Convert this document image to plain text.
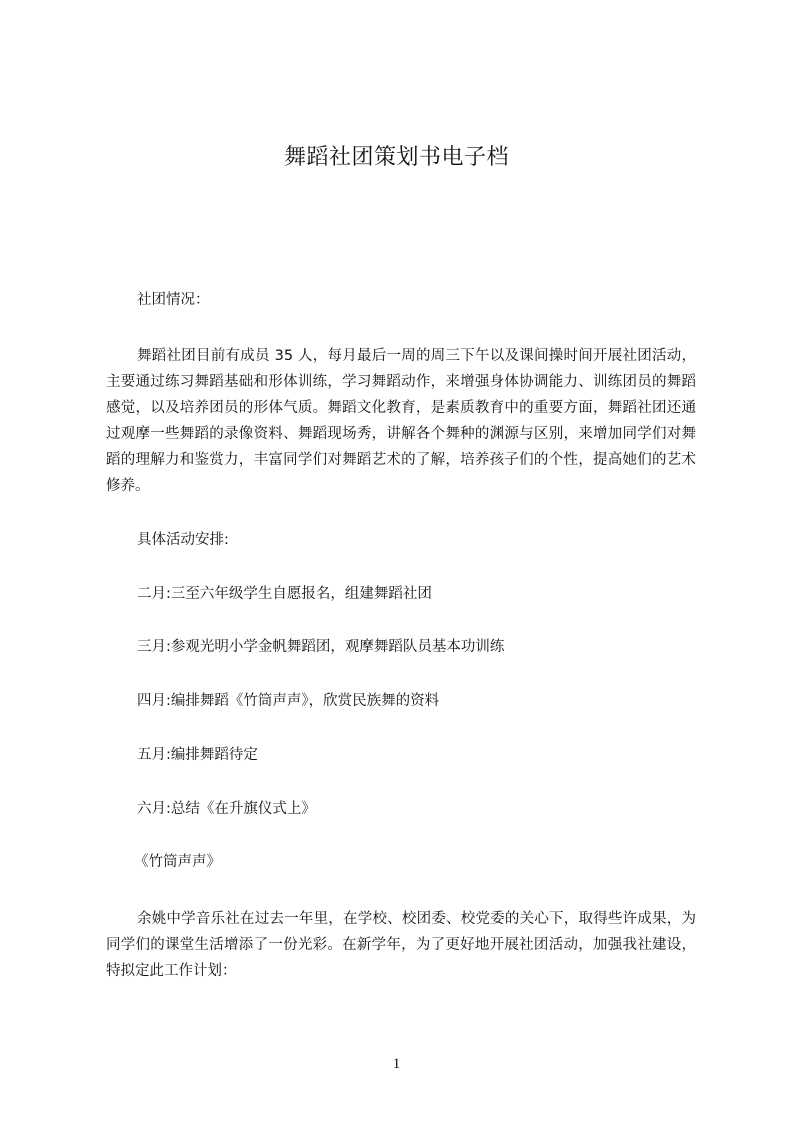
舞蹈社团策划书电子档
社团情况：

舞蹈社团目前有成员 35 人，每月最后一周的周三下午以及课间操时间开展社团活动，主要通过练习舞蹈基础和形体训练，学习舞蹈动作，来增强身体协调能力、训练团员的舞蹈感觉，以及培养团员的形体气质。舞蹈文化教育，是素质教育中的重要方面，舞蹈社团还通过观摩一些舞蹈的录像资料、舞蹈现场秀，讲解各个舞种的渊源与区别，来增加同学们对舞蹈的理解力和鉴赏力，丰富同学们对舞蹈艺术的了解，培养孩子们的个性，提高她们的艺术修养。

具体活动安排:
二月:三至六年级学生自愿报名，组建舞蹈社团
三月:参观光明小学金帆舞蹈团，观摩舞蹈队员基本功训练
四月:编排舞蹈《竹筒声声》，欣赏民族舞的资料
五月:编排舞蹈待定
六月:总结《在升旗仪式上》
《竹筒声声》

余姚中学音乐社在过去一年里，在学校、校团委、校党委的关心下，取得些许成果，为同学们的课堂生活增添了一份光彩。在新学年，为了更好地开展社团活动，加强我社建设，特拟定此工作计划：

1
